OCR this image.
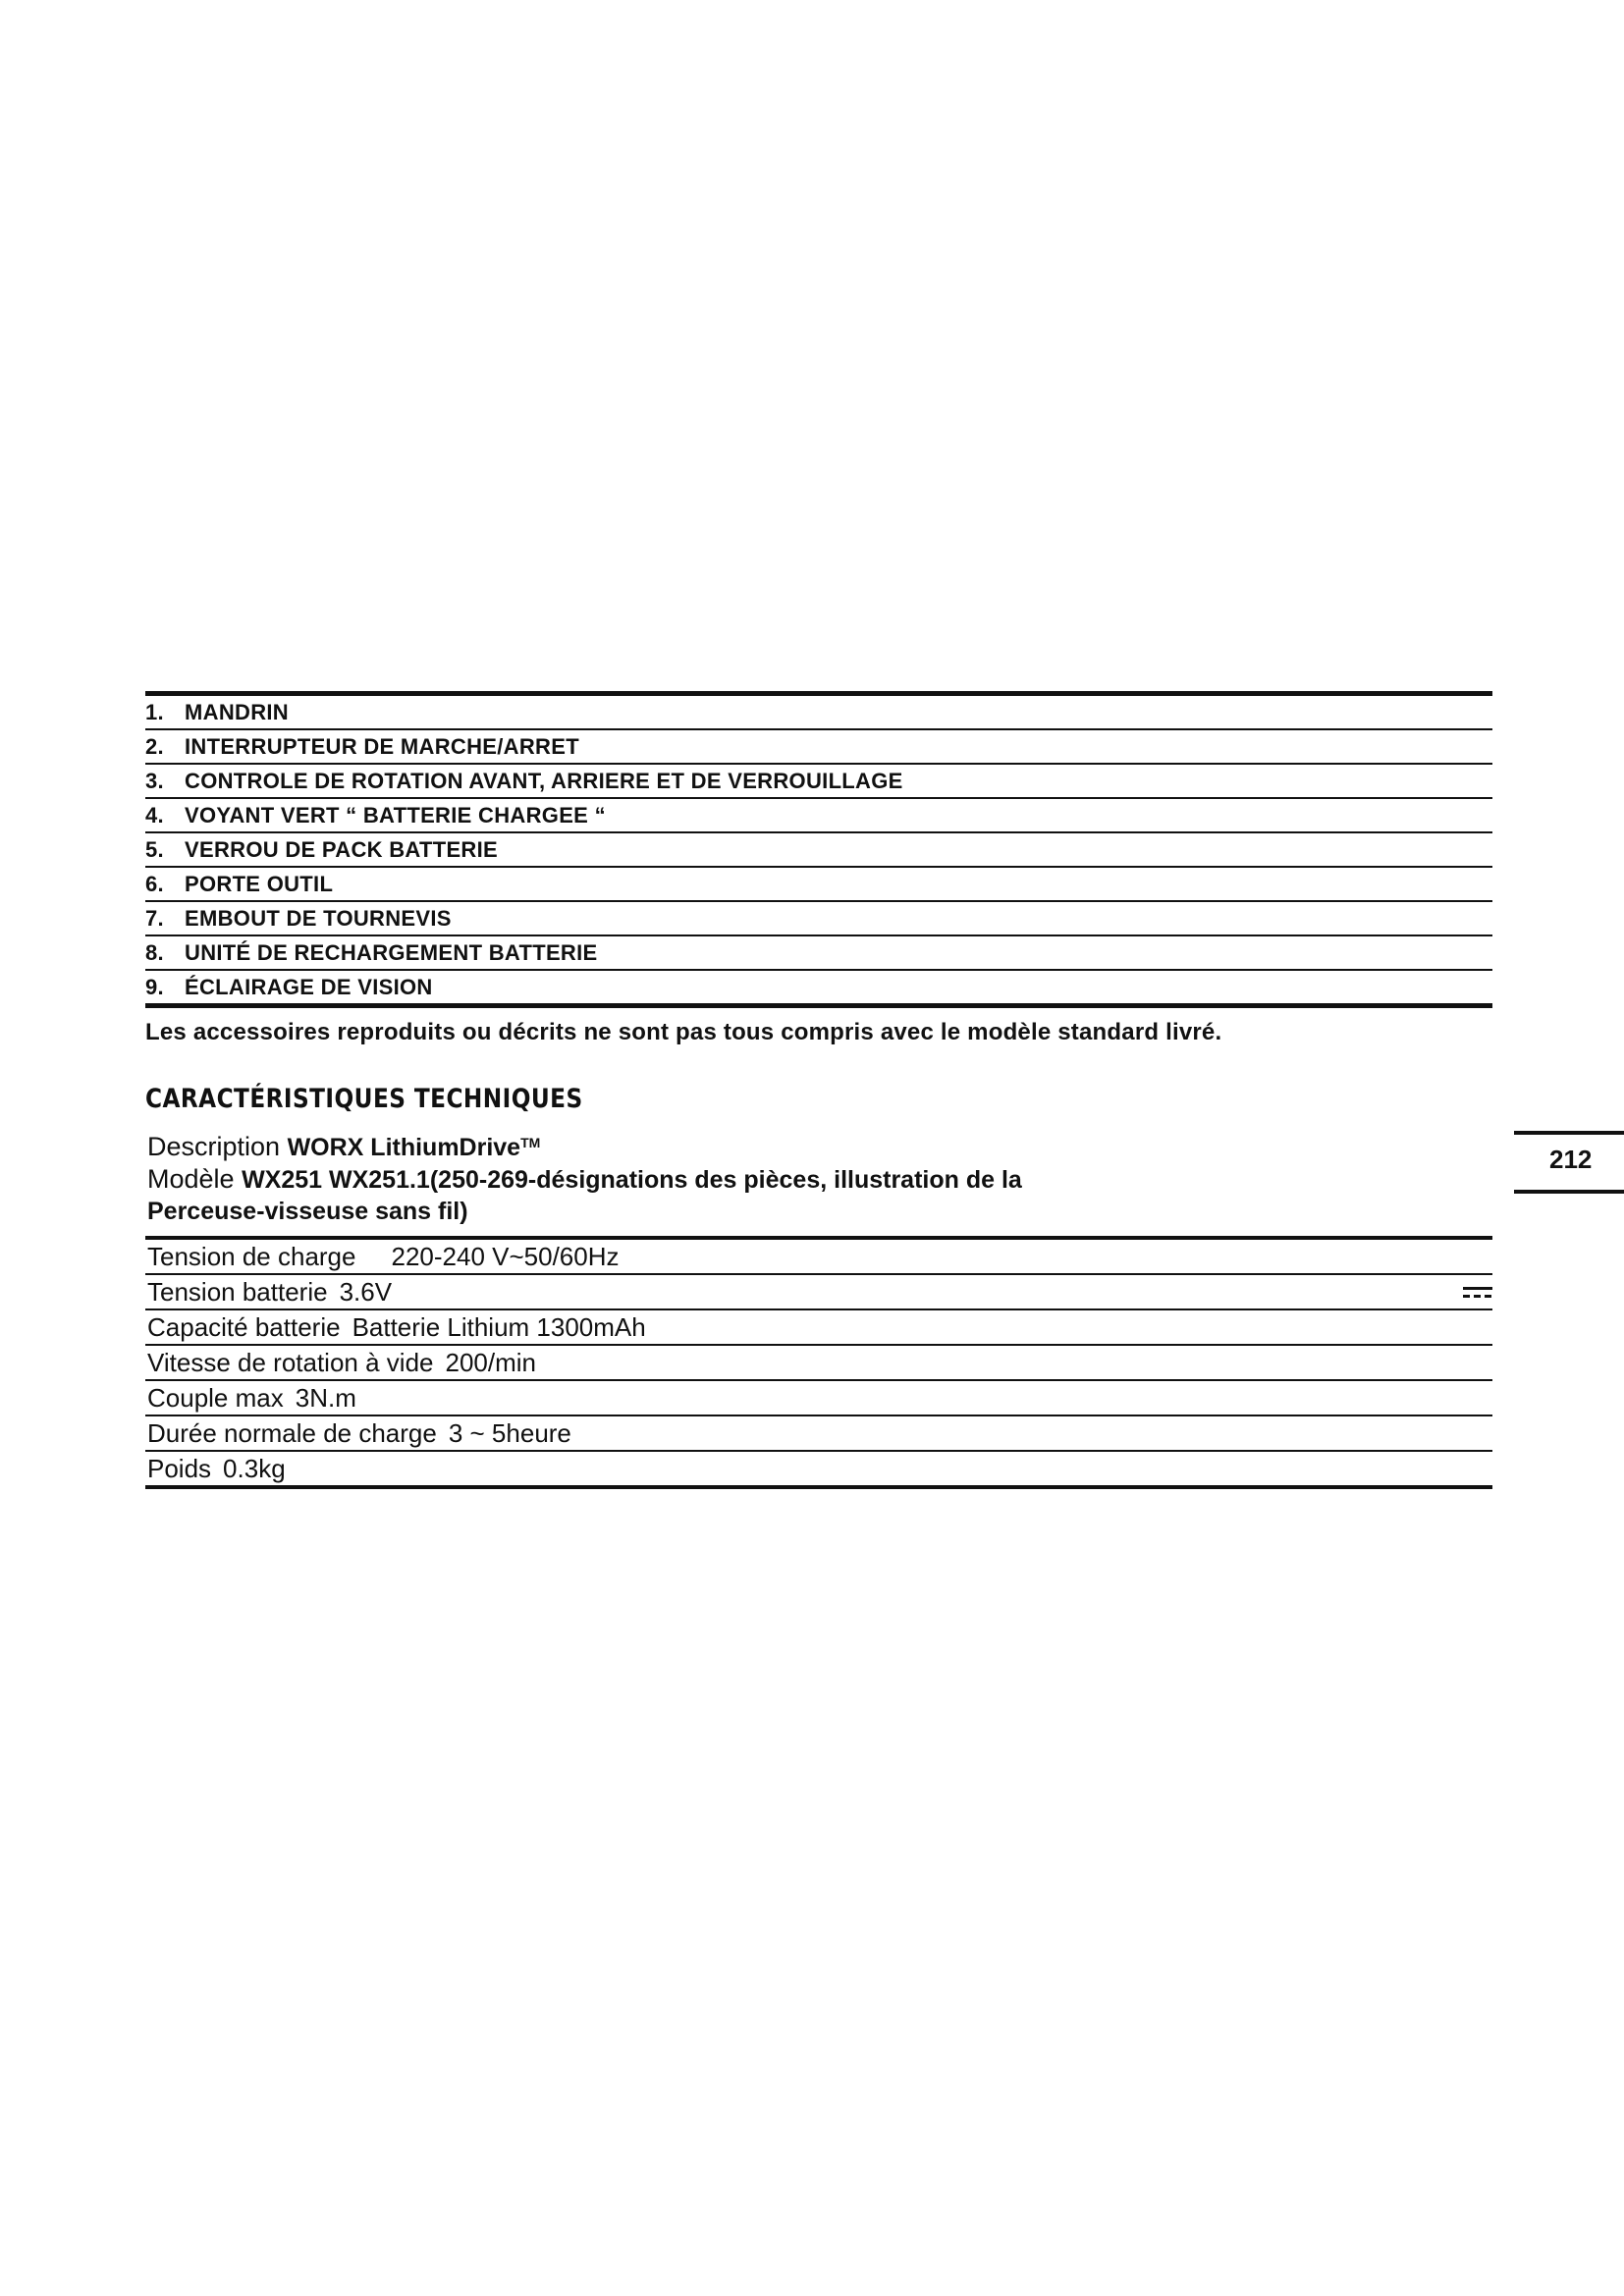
1. MANDRIN
2. INTERRUPTEUR DE MARCHE/ARRET
3. CONTROLE DE ROTATION AVANT, ARRIERE ET DE VERROUILLAGE
4. VOYANT VERT “ BATTERIE CHARGEE “
5. VERROU DE PACK BATTERIE
6. PORTE OUTIL
7. EMBOUT DE TOURNEVIS
8. UNITÉ DE RECHARGEMENT BATTERIE
9. ÉCLAIRAGE DE VISION
Les accessoires reproduits ou décrits ne sont pas tous compris avec le modèle standard livré.
CARACTÉRISTIQUES TECHNIQUES
Description WORX LithiumDrive™
Modèle WX251 WX251.1(250-269-désignations des pièces, illustration de la
Perceuse-visseuse sans fil)
Tension de charge 220-240 V~50/60Hz
Tension batterie 3.6V
Capacité batterie Batterie Lithium 1300mAh
Vitesse de rotation à vide 200/min
Couple max 3N.m
Durée normale de charge 3 ~ 5heure
Poids 0.3kg
212
